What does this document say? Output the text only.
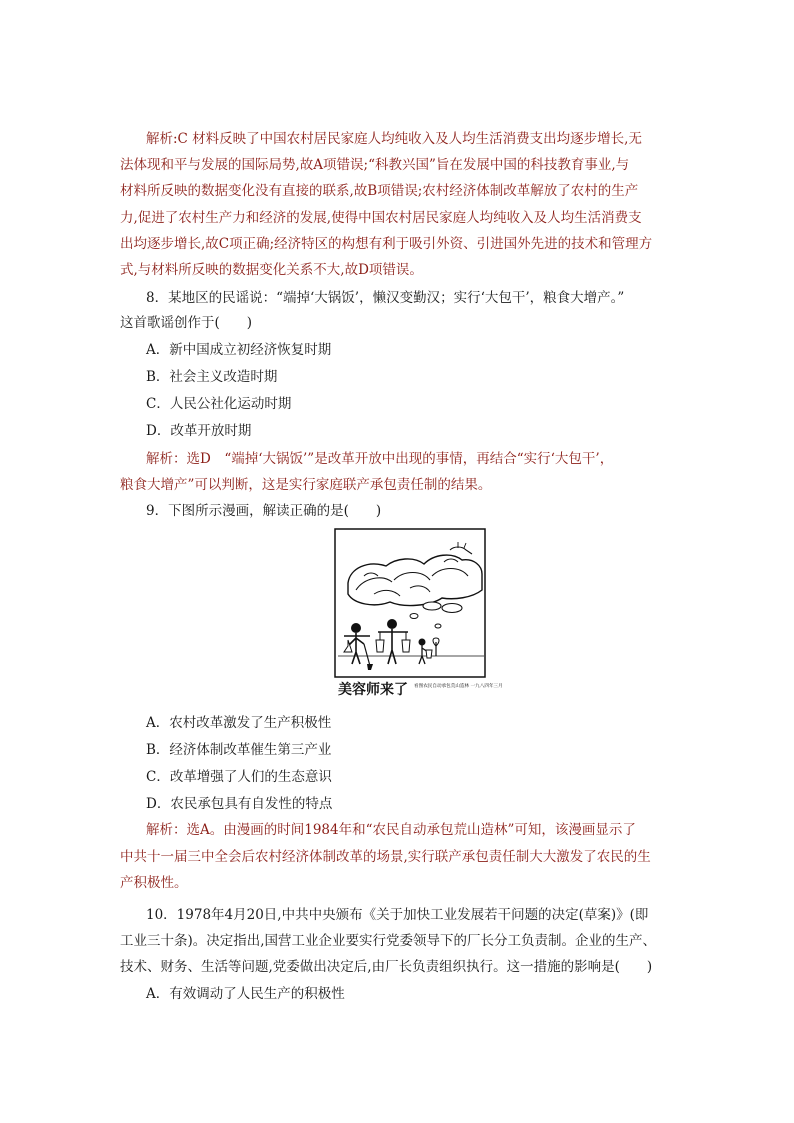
解析:C 材料反映了中国农村居民家庭人均纯收入及人均生活消费支出均逐步增长,无

法体现和平与发展的国际局势,故A项错误;“科教兴国”旨在发展中国的科技教育事业,与

材料所反映的数据变化没有直接的联系,故B项错误;农村经济体制改革解放了农村的生产

力,促进了农村生产力和经济的发展,使得中国农村居民家庭人均纯收入及人均生活消费支

出均逐步增长,故C项正确;经济特区的构想有利于吸引外资、引进国外先进的技术和管理方

式,与材料所反映的数据变化关系不大,故D项错误。

8．某地区的民谣说：“端掉‘大锅饭’，懒汉变勤汉；实行‘大包干’，粮食大增产。”

这首歌谣创作于(　　)

A．新中国成立初经济恢复时期

B．社会主义改造时期

C．人民公社化运动时期

D．改革开放时期

解析：选D　“端掉‘大锅饭’”是改革开放中出现的事情，再结合“实行‘大包干’，

粮食大增产”可以判断，这是实行家庭联产承包责任制的结果。

9．下图所示漫画，解读正确的是(　　)

美容师来了 看图农民自动承包荒山造林 一九八四年三月

A．农村改革激发了生产积极性

B．经济体制改革催生第三产业

C．改革增强了人们的生态意识

D．农民承包具有自发性的特点

解析：选A。由漫画的时间1984年和“农民自动承包荒山造林”可知，该漫画显示了

中共十一届三中全会后农村经济体制改革的场景,实行联产承包责任制大大激发了农民的生

产积极性。

10．1978年4月20日,中共中央颁布《关于加快工业发展若干问题的决定(草案)》(即

工业三十条)。决定指出,国营工业企业要实行党委领导下的厂长分工负责制。企业的生产、

技术、财务、生活等问题,党委做出决定后,由厂长负责组织执行。这一措施的影响是(　　)

A．有效调动了人民生产的积极性
